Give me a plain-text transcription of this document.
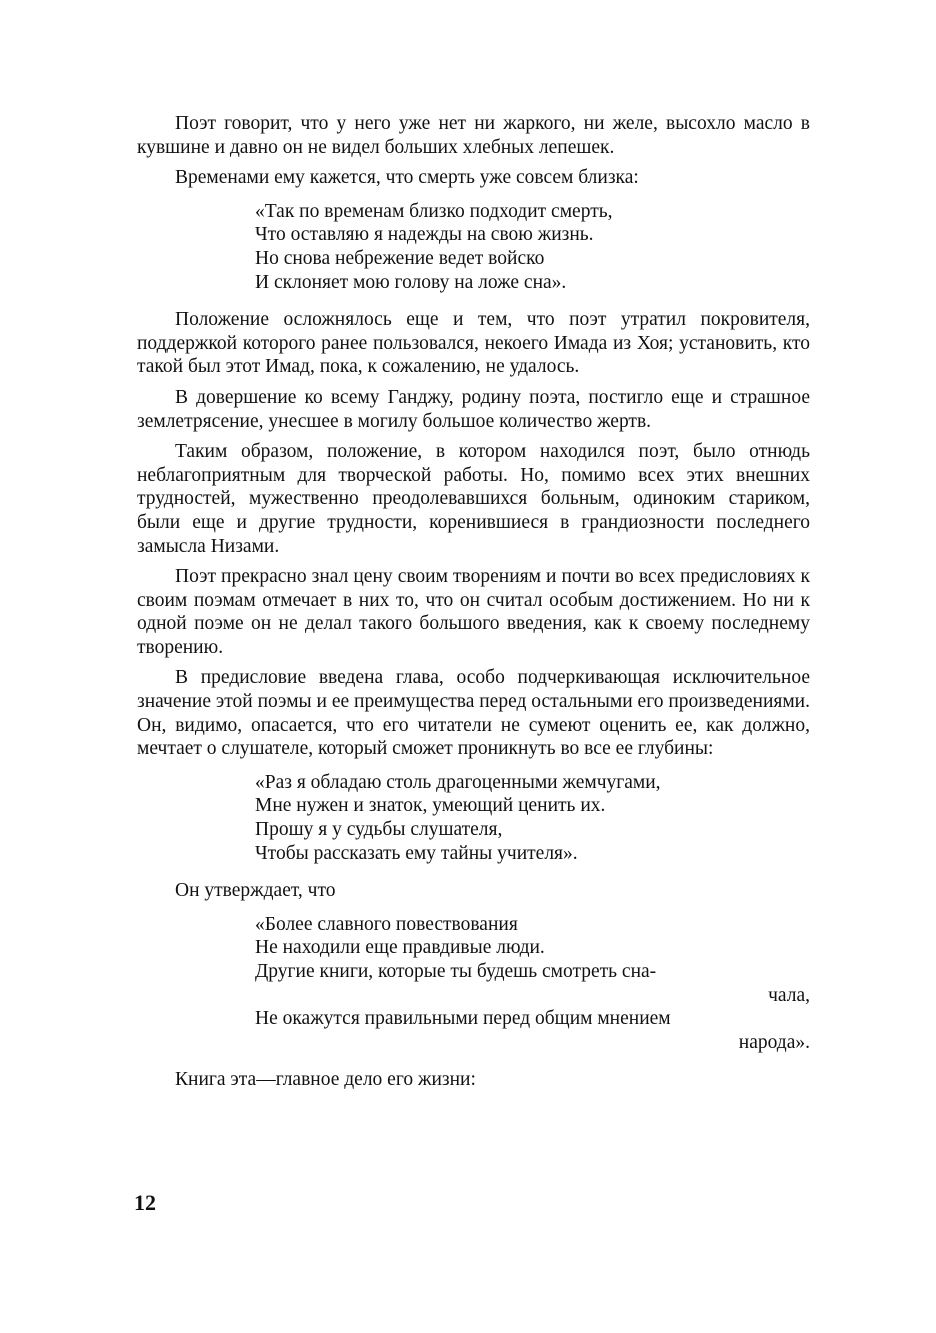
Поэт говорит, что у него уже нет ни жаркого, ни желе, высохло масло в кувшине и давно он не видел больших хлебных лепешек.

Временами ему кажется, что смерть уже совсем близка:

«Так по временам близко подходит смерть,
Что оставляю я надежды на свою жизнь.
Но снова небрежение ведет войско
И склоняет мою голову на ложе сна».

Положение осложнялось еще и тем, что поэт утратил покровителя, поддержкой которого ранее пользовался, некоего Имада из Хоя; установить, кто такой был этот Имад, пока, к сожалению, не удалось.

В довершение ко всему Ганджу, родину поэта, постигло еще и страшное землетрясение, унесшее в могилу большое количество жертв.

Таким образом, положение, в котором находился поэт, было отнюдь неблагоприятным для творческой работы. Но, помимо всех этих внешних трудностей, мужественно преодолевавшихся больным, одиноким стариком, были еще и другие трудности, коренившиеся в грандиозности последнего замысла Низами.

Поэт прекрасно знал цену своим творениям и почти во всех предисловиях к своим поэмам отмечает в них то, что он считал особым достижением. Но ни к одной поэме он не делал такого большого введения, как к своему последнему творению.

В предисловие введена глава, особо подчеркивающая исключительное значение этой поэмы и ее преимущества перед остальными его произведениями. Он, видимо, опасается, что его читатели не сумеют оценить ее, как должно, мечтает о слушателе, который сможет проникнуть во все ее глубины:

«Раз я обладаю столь драгоценными жемчугами,
Мне нужен и знаток, умеющий ценить их.
Прошу я у судьбы слушателя,
Чтобы рассказать ему тайны учителя».

Он утверждает, что

«Более славного повествования
Не находили еще правдивые люди.
Другие книги, которые ты будешь смотреть сна-
чала,
Не окажутся правильными перед общим мнением
народа».

Книга эта—главное дело его жизни:

12
